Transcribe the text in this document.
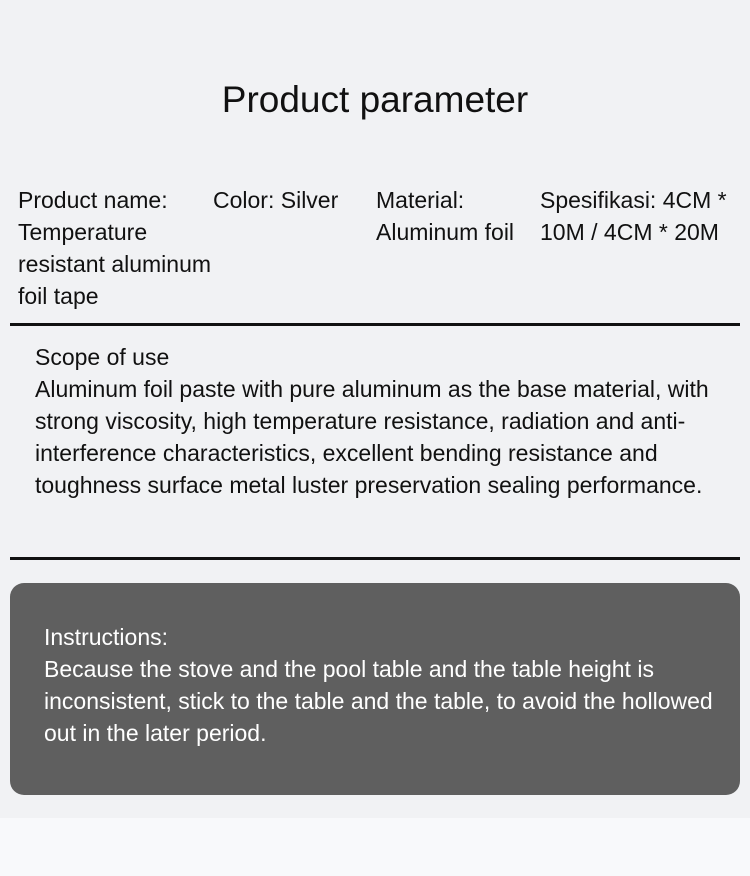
Product parameter
Product name: Temperature resistant aluminum foil tape
Color: Silver	Material: Aluminum foil
Spesifikasi: 4CM * 10M / 4CM * 20M
Scope of use
Aluminum foil paste with pure aluminum as the base material, with strong viscosity, high temperature resistance, radiation and anti-interference characteristics, excellent bending resistance and toughness surface metal luster preservation sealing performance.
Instructions:
Because the stove and the pool table and the table height is inconsistent, stick to the table and the table, to avoid the hollowed out in the later period.
